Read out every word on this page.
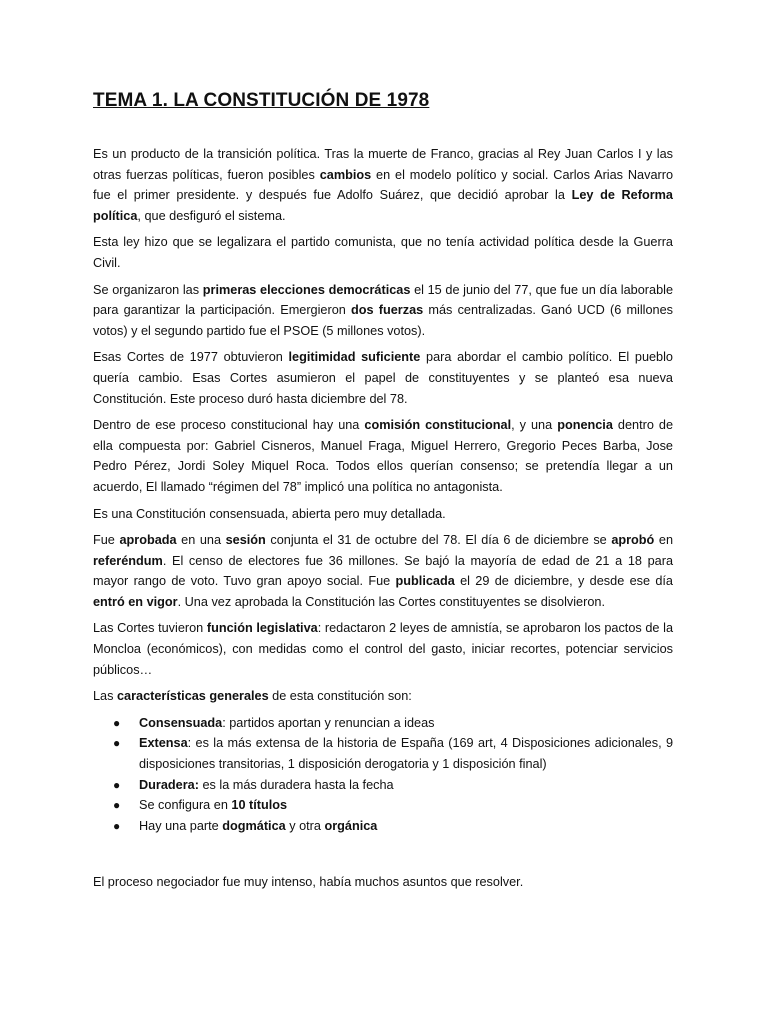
TEMA 1. LA CONSTITUCIÓN DE 1978

Es un producto de la transición política. Tras la muerte de Franco, gracias al Rey Juan Carlos I y las otras fuerzas políticas, fueron posibles cambios en el modelo político y social. Carlos Arias Navarro fue el primer presidente. y después fue Adolfo Suárez, que decidió aprobar la Ley de Reforma política, que desfiguró el sistema.

Esta ley hizo que se legalizara el partido comunista, que no tenía actividad política desde la Guerra Civil.

Se organizaron las primeras elecciones democráticas el 15 de junio del 77, que fue un día laborable para garantizar la participación. Emergieron dos fuerzas más centralizadas. Ganó UCD (6 millones votos) y el segundo partido fue el PSOE (5 millones votos).

Esas Cortes de 1977 obtuvieron legitimidad suficiente para abordar el cambio político. El pueblo quería cambio. Esas Cortes asumieron el papel de constituyentes y se planteó esa nueva Constitución. Este proceso duró hasta diciembre del 78.

Dentro de ese proceso constitucional hay una comisión constitucional, y una ponencia dentro de ella compuesta por: Gabriel Cisneros, Manuel Fraga, Miguel Herrero, Gregorio Peces Barba, Jose Pedro Pérez, Jordi Soley Miquel Roca. Todos ellos querían consenso; se pretendía llegar a un acuerdo, El llamado “régimen del 78” implicó una política no antagonista.

Es una Constitución consensuada, abierta pero muy detallada.

Fue aprobada en una sesión conjunta el 31 de octubre del 78. El día 6 de diciembre se aprobó en referéndum. El censo de electores fue 36 millones. Se bajó la mayoría de edad de 21 a 18 para mayor rango de voto. Tuvo gran apoyo social. Fue publicada el 29 de diciembre, y desde ese día entró en vigor. Una vez aprobada la Constitución las Cortes constituyentes se disolvieron.

Las Cortes tuvieron función legislativa: redactaron 2 leyes de amnistía, se aprobaron los pactos de la Moncloa (económicos), con medidas como el control del gasto, iniciar recortes, potenciar servicios públicos…

Las características generales de esta constitución son:

● Consensuada: partidos aportan y renuncian a ideas
● Extensa: es la más extensa de la historia de España (169 art, 4 Disposiciones adicionales, 9 disposiciones transitorias, 1 disposición derogatoria y 1 disposición final)
● Duradera: es la más duradera hasta la fecha
● Se configura en 10 títulos
● Hay una parte dogmática y otra orgánica

El proceso negociador fue muy intenso, había muchos asuntos que resolver.
